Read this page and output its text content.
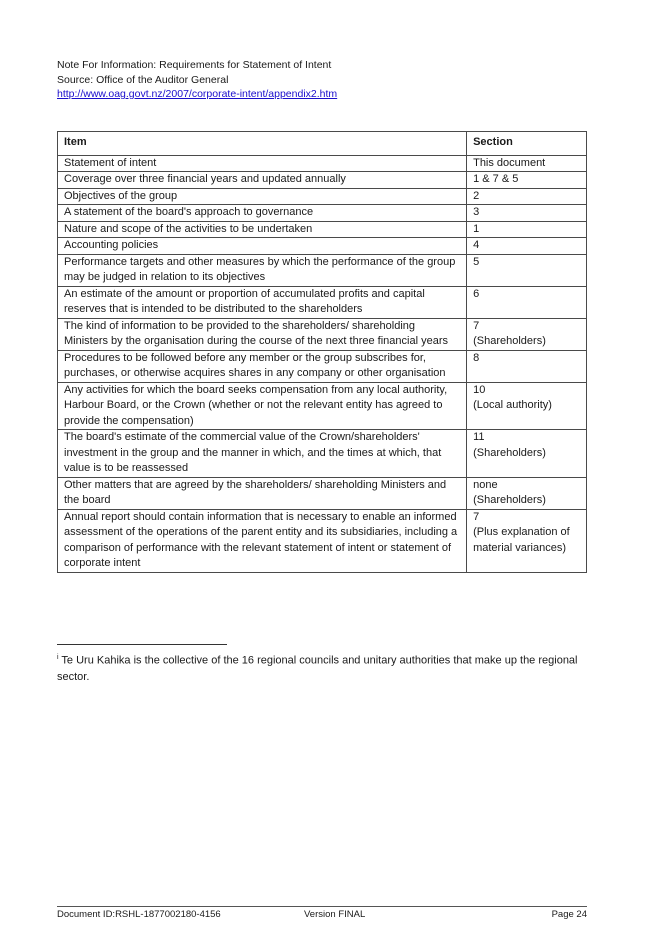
Note For Information: Requirements for Statement of Intent
Source: Office of the Auditor General
http://www.oag.govt.nz/2007/corporate-intent/appendix2.htm
Item	Section
Statement of intent	This document
Coverage over three financial years and updated annually	1 & 7 & 5
Objectives of the group	2
A statement of the board's approach to governance	3
Nature and scope of the activities to be undertaken	1
Accounting policies	4
Performance targets and other measures by which the performance of the group may be judged in relation to its objectives	5
An estimate of the amount or proportion of accumulated profits and capital reserves that is intended to be distributed to the shareholders	6
The kind of information to be provided to the shareholders/ shareholding Ministers by the organisation during the course of the next three financial years	7
(Shareholders)
Procedures to be followed before any member or the group subscribes for, purchases, or otherwise acquires shares in any company or other organisation	8
Any activities for which the board seeks compensation from any local authority, Harbour Board, or the Crown (whether or not the relevant entity has agreed to provide the compensation)	10
(Local authority)
The board's estimate of the commercial value of the Crown/shareholders' investment in the group and the manner in which, and the times at which, that value is to be reassessed	11
(Shareholders)
Other matters that are agreed by the shareholders/ shareholding Ministers and the board	none
(Shareholders)
Annual report should contain information that is necessary to enable an informed assessment of the operations of the parent entity and its subsidiaries, including a comparison of performance with the relevant statement of intent or statement of corporate intent	7
(Plus explanation of material variances)
$^i$ Te Uru Kahika is the collective of the 16 regional councils and unitary authorities that make up the regional sector.
Document ID:RSHL-1877002180-4156	Version FINAL	Page 24
